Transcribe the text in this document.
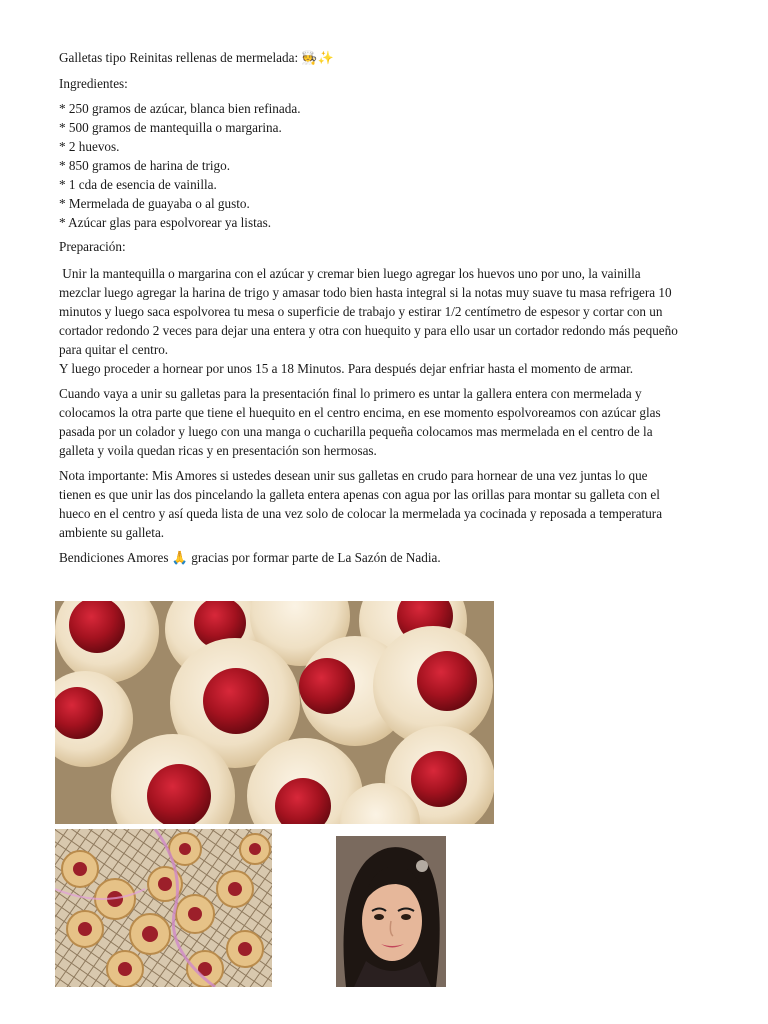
Galletas tipo Reinitas rellenas de mermelada: 🧑‍🍳✨

Ingredientes:

* 250 gramos de azúcar, blanca bien refinada.
* 500 gramos de mantequilla o margarina.
* 2 huevos.
* 850 gramos de harina de trigo.
* 1 cda de esencia de vainilla.
* Mermelada de guayaba o al gusto.
* Azúcar glas para espolvorear ya listas.

Preparación:

Unir la mantequilla o margarina con el azúcar y cremar bien luego agregar los huevos uno por uno, la vainilla
mezclar luego agregar la harina de trigo y amasar todo bien hasta integral si la notas muy suave tu masa refrigera 10
minutos y luego saca espolvorea tu mesa o superficie de trabajo y estirar 1/2 centímetro de espesor y cortar con un
cortador redondo 2 veces para dejar una entera y otra con huequito y para ello usar un cortador redondo más pequeño
para quitar el centro.
Y luego proceder a hornear por unos 15 a 18 Minutos. Para después dejar enfriar hasta el momento de armar.
Cuando vaya a unir su galletas para la presentación final lo primero es untar la gallera entera con mermelada y
colocamos la otra parte que tiene el huequito en el centro encima, en ese momento espolvoreamos con azúcar glas
pasada por un colador y luego con una manga o cucharilla pequeña colocamos mas mermelada en el centro de la
galleta y voila quedan ricas y en presentación son hermosas.
Nota importante: Mis Amores si ustedes desean unir sus galletas en crudo para hornear de una vez juntas lo que
tienen es que unir las dos pincelando la galleta entera apenas con agua por las orillas para montar su galleta con el
hueco en el centro y así queda lista de una vez solo de colocar la mermelada ya cocinada y reposada a temperatura
ambiente su galleta.

Bendiciones Amores 🙏 gracias por formar parte de La Sazón de Nadia.
